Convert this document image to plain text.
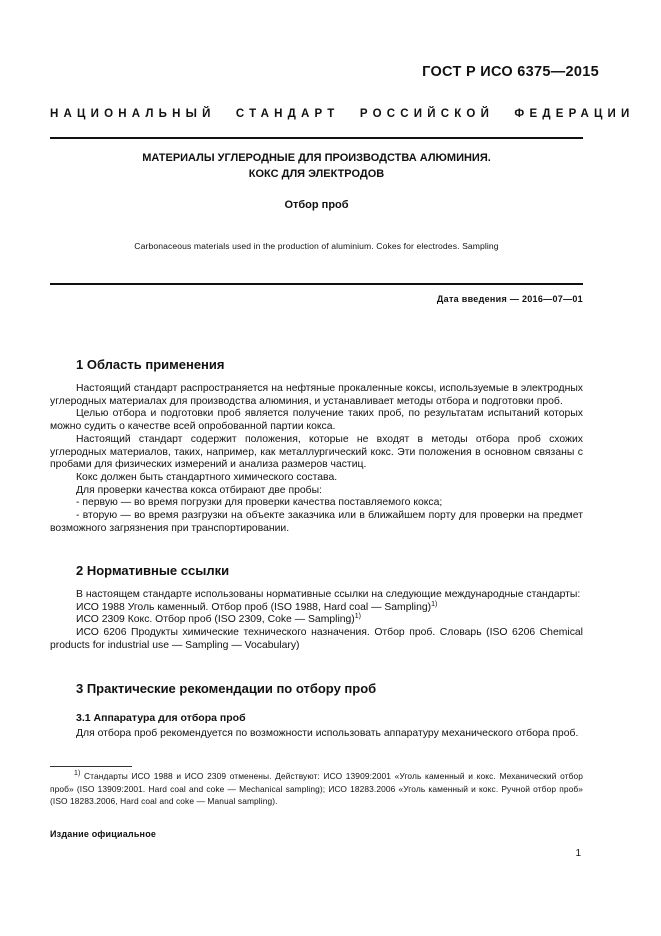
ГОСТ Р ИСО 6375—2015
НАЦИОНАЛЬНЫЙ СТАНДАРТ РОССИЙСКОЙ ФЕДЕРАЦИИ
МАТЕРИАЛЫ УГЛЕРОДНЫЕ ДЛЯ ПРОИЗВОДСТВА АЛЮМИНИЯ.
КОКС ДЛЯ ЭЛЕКТРОДОВ
Отбор проб
Carbonaceous materials used in the production of aluminium. Cokes for electrodes. Sampling
Дата введения — 2016—07—01
1 Область применения

Настоящий стандарт распространяется на нефтяные прокаленные коксы, используемые в электродных углеродных материалах для производства алюминия, и устанавливает методы отбора и подготовки проб.

Целью отбора и подготовки проб является получение таких проб, по результатам испытаний которых можно судить о качестве всей опробованной партии кокса.

Настоящий стандарт содержит положения, которые не входят в методы отбора проб схожих углеродных материалов, таких, например, как металлургический кокс. Эти положения в основном связаны с пробами для физических измерений и анализа размеров частиц.

Кокс должен быть стандартного химического состава.

Для проверки качества кокса отбирают две пробы:

- первую — во время погрузки для проверки качества поставляемого кокса;

- вторую — во время разгрузки на объекте заказчика или в ближайшем порту для проверки на предмет возможного загрязнения при транспортировании.

2 Нормативные ссылки
В настоящем стандарте использованы нормативные ссылки на следующие международные стандарты:
ИСО 1988 Уголь каменный. Отбор проб (ISO 1988, Hard coal — Sampling)$^{1)}$
ИСО 2309 Кокс. Отбор проб (ISO 2309, Coke — Sampling)$^{1)}$
ИСО 6206 Продукты химические технического назначения. Отбор проб. Словарь (ISO 6206 Chemical products for industrial use — Sampling — Vocabulary)
3 Практические рекомендации по отбору проб
3.1 Аппаратура для отбора проб

Для отбора проб рекомендуется по возможности использовать аппаратуру механического отбора проб.

$^{1)}$ Стандарты ИСО 1988 и ИСО 2309 отменены. Действуют: ИСО 13909:2001 «Уголь каменный и кокс. Механический отбор проб» (ISO 13909:2001. Hard coal and coke — Mechanical sampling); ИСО 18283.2006 «Уголь каменный и кокс. Ручной отбор проб» (ISO 18283.2006, Hard coal and coke — Manual sampling).

Издание официальное
1
